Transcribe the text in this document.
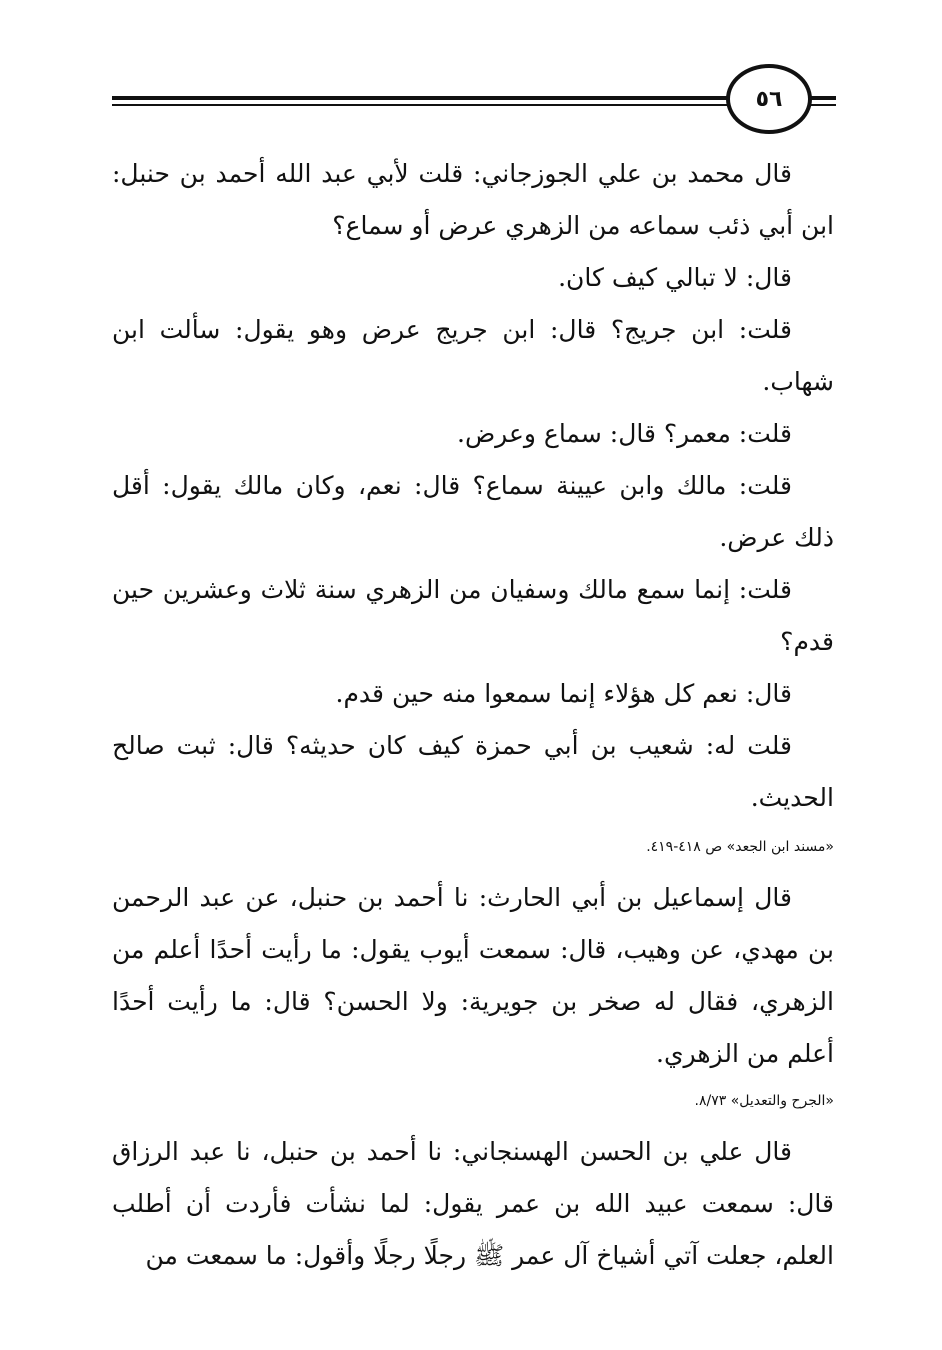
٥٦

قال محمد بن علي الجوزجاني: قلت لأبي عبد الله أحمد بن حنبل: ابن أبي ذئب سماعه من الزهري عرض أو سماع؟

قال: لا تبالي كيف كان.

قلت: ابن جريج؟ قال: ابن جريج عرض وهو يقول: سألت ابن شهاب.

قلت: معمر؟ قال: سماع وعرض.

قلت: مالك وابن عيينة سماع؟ قال: نعم، وكان مالك يقول: أقل ذلك عرض.

قلت: إنما سمع مالك وسفيان من الزهري سنة ثلاث وعشرين حين قدم؟

قال: نعم كل هؤلاء إنما سمعوا منه حين قدم.

قلت له: شعيب بن أبي حمزة كيف كان حديثه؟ قال: ثبت صالح الحديث.

«مسند ابن الجعد» ص ٤١٨-٤١٩.

قال إسماعيل بن أبي الحارث: نا أحمد بن حنبل، عن عبد الرحمن بن مهدي، عن وهيب، قال: سمعت أيوب يقول: ما رأيت أحدًا أعلم من الزهري، فقال له صخر بن جويرية: ولا الحسن؟ قال: ما رأيت أحدًا أعلم من الزهري.

«الجرح والتعديل» ٨/٧٣.

قال علي بن الحسن الهسنجاني: نا أحمد بن حنبل، نا عبد الرزاق قال: سمعت عبيد الله بن عمر يقول: لما نشأت فأردت أن أطلب العلم، جعلت آتي أشياخ آل عمر ﷺ رجلًا رجلًا وأقول: ما سمعت من
